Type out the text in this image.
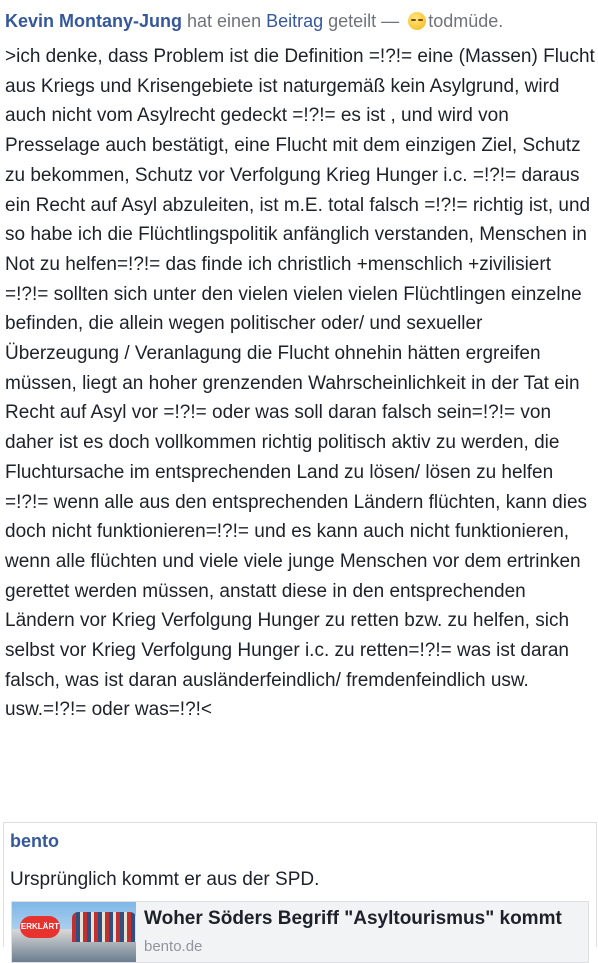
Kevin Montany-Jung hat einen Beitrag geteilt — todmüde.
>ich denke, dass Problem ist die Definition =!?!= eine (Massen) Flucht aus Kriegs und Krisengebiete ist naturgemäß kein Asylgrund, wird auch nicht vom Asylrecht gedeckt =!?!= es ist , und wird von Presselage auch bestätigt, eine Flucht mit dem einzigen Ziel, Schutz zu bekommen, Schutz vor Verfolgung Krieg Hunger i.c. =!?!= daraus ein Recht auf Asyl abzuleiten, ist m.E. total falsch =!?!= richtig ist, und so habe ich die Flüchtlingspolitik anfänglich verstanden, Menschen in Not zu helfen=!?!= das finde ich christlich +menschlich +zivilisiert =!?!= sollten sich unter den vielen vielen vielen Flüchtlingen einzelne befinden, die allein wegen politischer oder/ und sexueller Überzeugung / Veranlagung die Flucht ohnehin hätten ergreifen müssen, liegt an hoher grenzenden Wahrscheinlichkeit in der Tat ein Recht auf Asyl vor =!?!= oder was soll daran falsch sein=!?!= von daher ist es doch vollkommen richtig politisch aktiv zu werden, die Fluchtursache im entsprechenden Land zu lösen/ lösen zu helfen =!?!= wenn alle aus den entsprechenden Ländern flüchten, kann dies doch nicht funktionieren=!?!= und es kann auch nicht funktionieren, wenn alle flüchten und viele viele junge Menschen vor dem ertrinken gerettet werden müssen, anstatt diese in den entsprechenden Ländern vor Krieg Verfolgung Hunger zu retten bzw. zu helfen, sich selbst vor Krieg Verfolgung Hunger i.c. zu retten=!?!= was ist daran falsch, was ist daran ausländerfeindlich/ fremdenfeindlich usw. usw.=!?!= oder was=!?!<
bento
Ursprünglich kommt er aus der SPD.
ERKLÄRT	Woher Söders Begriff "Asyltourismus" kommt
bento.de
